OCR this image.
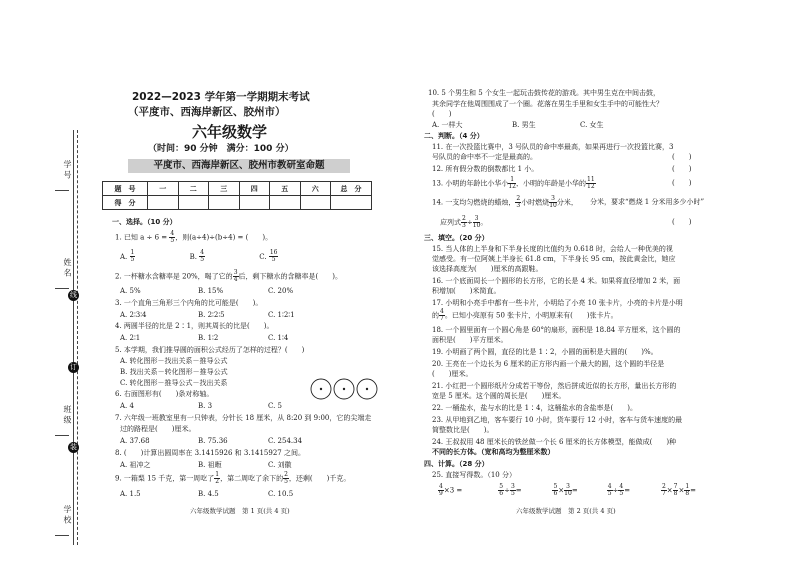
学 号
姓 名
线
订
班 级
装
学 校
2022—2023 学年第一学期期末考试
（平度市、西海岸新区、胶州市）
六年级数学
（时间：90 分钟　满分：100 分）
平度市、西海岸新区、胶州市教研室命题
题　号	一	二	三	四	五	六	总　分
得　分							
一、选择。（10 分）
1. 已知 $a \div 6 = \frac{4}{5}$ ，则(a÷4)÷(b÷4) = (　　)。
A. $\frac{1}{5}$	B. $\frac{4}{5}$	C. $\frac{16}{5}$
2. 一杯糖水含糖率是 20%，喝了它的 $\frac{3}{4}$ 后，剩下糖水的含糖率是(　　)。
A. 5%	B. 15%	C. 20%
3. 一个直角三角形三个内角的比可能是(　　)。
A. 2∶3∶4	B. 2∶2∶5	C. 1∶2∶1
4. 两圆半径的比是 2∶1，则其周长的比是(　　)。
A. 2∶1	B. 1∶2	C. 1∶4
5. 本学期，我们推导圆的面积公式经历了怎样的过程？(　　)
A. 转化图形－找出关系－推导公式
B. 找出关系－转化图形－推导公式
C. 转化图形－推导公式－找出关系
6. 右面图形有(　　)条对称轴。
A. 4	B. 3	C. 5
7. 六年级一班教室里有一只钟表，分针长 18 厘米，从 8:20 到 9:00，它的尖端走
过的路程是(　　)厘米。
A. 37.68	B. 75.36	C. 254.34
8. (　　)计算出圆周率在 3.1415926 和 3.1415927 之间。
A. 祖冲之	B. 祖暅	C. 刘徽
9. 一箱梨 15 千克，第一周吃了 $\frac{1}{2}$ ，第二周吃了余下的 $\frac{2}{5}$ ，还剩(　　)千克。
A. 1.5	B. 4.5	C. 10.5
六年级数学试题　第 1 页(共 4 页)
10. 5 个男生和 5 个女生一起玩击鼓传花的游戏。其中男生克在中间击鼓，
其余同学在他周围围成了一个圈。花落在男生手里和女生手中的可能性大？
(　　)
A. 一样大	B. 男生	C. 女生
二、判断。（4 分）
11. 在一次投篮比赛中，3 号队员的命中率最高，如果再进行一次投篮比赛，3
号队员的命中率不一定是最高的。	(　　)
12. 所有假分数的倒数都比 1 小。	(　　)
13. 小明的年龄比小华小 $\frac{1}{12}$ ，小明的年龄是小华的 $\frac{11}{12}$	(　　)
14. 一支均匀燃烧的蜡烛， $\frac{2}{3}$ 小时燃烧 $\frac{3}{10}$ 分米， 分米，要求“燃烧 1 分米用多少小时”
应列式 $\frac{2}{3} \div \frac{3}{10}$ 。	(　　)
三、填空。（20 分）
15. 当人体的上半身和下半身长度的比值约为 0.618 时，会给人一种优美的视
觉感受。有一位阿姨上半身长 61.8 cm，下半身长 95 cm，按此黄金比，她应
该选择高度为(　　)厘米的高跟鞋。
16. 一个底面周长一个圆形的长方形，它的长是 4 米。如果将直径增加 2 米，面
积增加(　　)米简直。
17. 小明和小亮手中都有一些卡片，小明给了小亮 10 张卡片，小亮的卡片是小明
的 $\frac{4}{7}$ 。已知小亮原有 50 张卡片，小明原来有(　　)张卡片。
18. 一个圆里面有一个圆心角是 60°的扇形，面积是 18.84 平方厘米，这个圆的
面积是(　　)平方厘米。
19. 小明画了两个圆，直径的比是 1∶2，小圆的面积是大圆的(　　)%。
20. 王亮在一个边长为 6 厘米的正方形内画一个最大的圆，这个圆的半径是
(　　)厘米。
21. 小红把一个圆形纸片分成若干等份，然后拼成近似的长方形，量出长方形的
宽是 5 厘米。这个圆的周长是(　　)厘米。
22. 一桶盐水，盐与水的比是 1∶4，这桶盐水的含盐率是(　　)。
23. 从甲地到乙地，客车要行 10 小时，货车要行 12 小时，客车与货车速度的最
简整数比是(　　)。
24. 王叔叔用 48 厘米长的铁丝做一个长 6 厘米的长方体模型，能做成(　　)种
不同的长方体。（宽和高均为整厘米数）
四、计算。（28 分）
25. 直接写得数。（10 分）
$\frac{4}{9} \times 3$ =	$\frac{5}{6} \div \frac{3}{5}$ =	$\frac{5}{6} \times \frac{3}{10}$ =	$\frac{4}{5} \div \frac{4}{5}$ =	$\frac{2}{7} \times \frac{7}{8} \times \frac{1}{8}$ =
六年级数学试题　第 2 页(共 4 页)
